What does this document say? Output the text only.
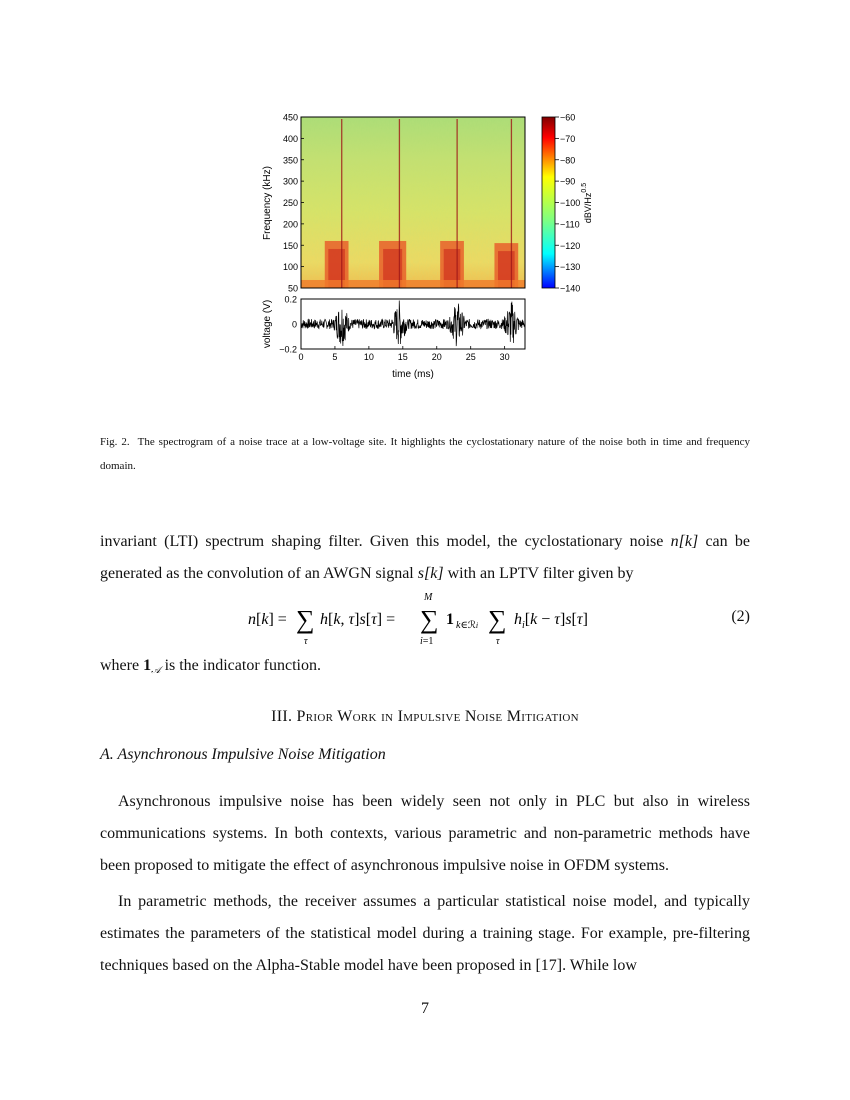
450
400
350
300
250
200
150
100
50
Frequency (kHz)
−60
−70
−80
−90
−100
−110
−120
−130
−140
dBV/$Hz^{0.5}$
0.2
0
−0.2
0	5	10	15	20	25	30
voltage (V)
time (ms)
Fig. 2. The spectrogram of a noise trace at a low-voltage site. It highlights the cyclostationary nature of the noise both in time and frequency domain.

invariant (LTI) spectrum shaping filter. Given this model, the cyclostationary noise n[k] can be generated as the convolution of an AWGN signal s[k] with an LPTV filter given by

n[k] = ∑
τ
h[k, τ]s[τ] =
M
∑
i=1
1 k∈ℛi ∑
τ
$h_i[k - \tau]s[\tau]$	(2)

where 1𝒜 is the indicator function.

III. Prior Work in Impulsive Noise Mitigation
A. Asynchronous Impulsive Noise Mitigation

Asynchronous impulsive noise has been widely seen not only in PLC but also in wireless communications systems. In both contexts, various parametric and non-parametric methods have been proposed to mitigate the effect of asynchronous impulsive noise in OFDM systems.

In parametric methods, the receiver assumes a particular statistical noise model, and typically estimates the parameters of the statistical model during a training stage. For example, pre-filtering techniques based on the Alpha-Stable model have been proposed in [17]. While low

7
